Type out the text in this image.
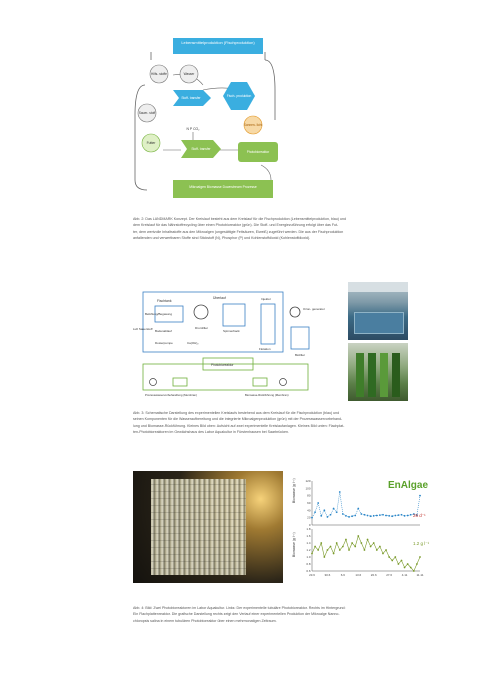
Lebensmittelproduktion (Fischproduktion)
Hilfs- stoffe	Wasser
Stoff- transfer	Fisch- produktion
Sauer- stoff
Sonnen- licht
Futter
N P CO₂
Stoff- transfer
Photobioreaktor
Mikroalgen Biomasse Downstream Prozesse
Abb. 2: Das LANDMARK Konzept. Der Kreislauf besteht aus dem Kreislauf für die Fischproduktion (Lebensmittelproduktion, blau) und
dem Kreislauf für das Nährstoffrecycling über einen Photobioreaktor (grün). Die Stoff- und Energiezuführung erfolgt über das Fut-
ter, dem wertvolle Inhaltsstoffe aus den Mikroalgen (ungesättigte Fettsäuren, Eiweiß) zugeführt werden. Die aus der Fischproduktion
anfallenden und verwertbaren Stoffe sind Stickstoff (N), Phosphor (P) und Kohlenstoffdioxid (Kohlenstoffdioxid).
Fischtank
Überlauf
Belüftung/Begasung
Luft Sauerstoff Bodenablauf
Drumfilter
Spinnerback
Injektor
Flotation
Ozon- generator
Biofilter
Dosierpumpe	Ca(OH)₂
Photobioreaktor
Prozesswasservorbehandlung (Membran)	Biomasse-Rückführung (Membran)
Abb. 3: Schematische Darstellung des experimentellen Kreislaufs bestehend aus dem Kreislauf für die Fischproduktion (blau) und
seinen Komponenten für die Wasseraufbereitung und die integrierte Mikroalgenproduktion (grün) mit der Prozesswasservorbehand-
lung und Biomasse-Rückführung. Kleines Bild oben: Aufsicht auf zwei experimentelle Kreislaufanlagen. Kleines Bild unten: Flachplat-
ten-Photobioreaktoren im Gewächshaus des Labor Aquakultur in Fürstenhausen bei Saarbrücken.
0
20
40
60
80
100
120
0.6
0.8
1.0
1.2
1.4
1.6
1.8
23.6	30.6	6.6	13.6	20.6	27.6	4.11	11.11
EnAlgae
26 d⁻¹
1.2 g l⁻¹
Biomasse (g l⁻¹)
Biomasse (g l⁻¹)
Abb. 4: Bild: Zwei Photobioreaktoren im Labor Aquakultur. Links: Der experimentelle tubuläre Photobioreaktor. Rechts im Hintergrund:
Ein Flachplattenreaktor. Die grafische Darstellung rechts zeigt den Verlauf einer experimentellen Produktion der Mikroalge Nanno-
chloropsis salina in einem tubulären Photobioreaktor über einen mehrmonatigen Zeitraum.
